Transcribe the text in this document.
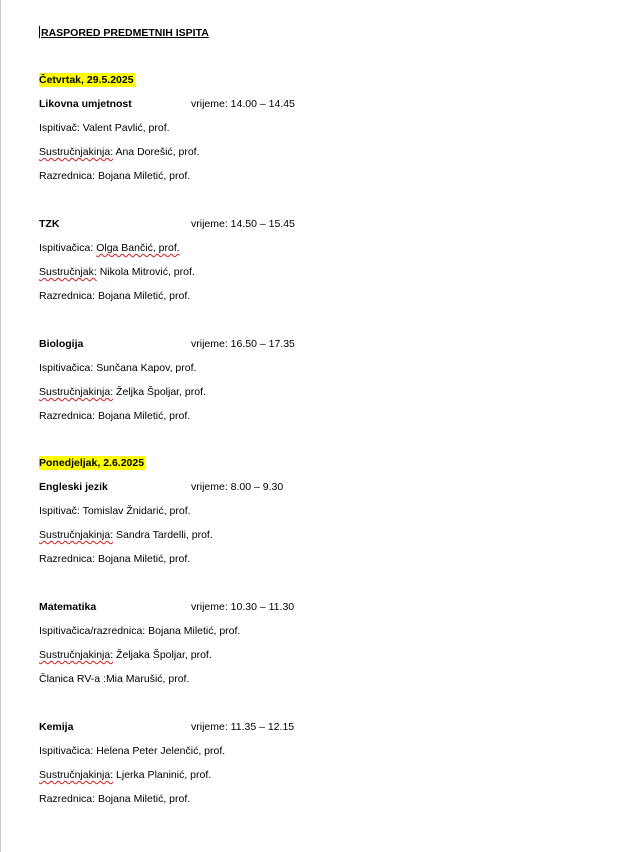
RASPORED PREDMETNIH ISPITA
Četvrtak, 29.5.2025
Likovna umjetnost	vrijeme: 14.00 – 14.45
Ispitivač: Valent Pavlić, prof.
Sustručnjakinja: Ana Dorešić, prof.
Razrednica: Bojana Miletić, prof.
TZK	vrijeme: 14.50 – 15.45
Ispitivačica: Olga Bančić, prof.
Sustručnjak: Nikola Mitrović, prof.
Razrednica: Bojana Miletić, prof.
Biologija	vrijeme: 16.50 – 17.35
Ispitivačica: Sunčana Kapov, prof.
Sustručnjakinja: Željka Špoljar, prof.
Razrednica: Bojana Miletić, prof.
Ponedjeljak, 2.6.2025
Engleski jezik	vrijeme: 8.00 – 9.30
Ispitivač: Tomislav Žnidarić, prof.
Sustručnjakinja: Sandra Tardelli, prof.
Razrednica: Bojana Miletić, prof.
Matematika	vrijeme: 10.30 – 11.30
Ispitivačica/razrednica: Bojana Miletić, prof.
Sustručnjakinja: Željaka Špoljar, prof.
Članica RV-a :Mia Marušić, prof.
Kemija	vrijeme: 11.35 – 12.15
Ispitivačica: Helena Peter Jelenčić, prof.
Sustručnjakinja: Ljerka Planinić, prof.
Razrednica: Bojana Miletić, prof.
